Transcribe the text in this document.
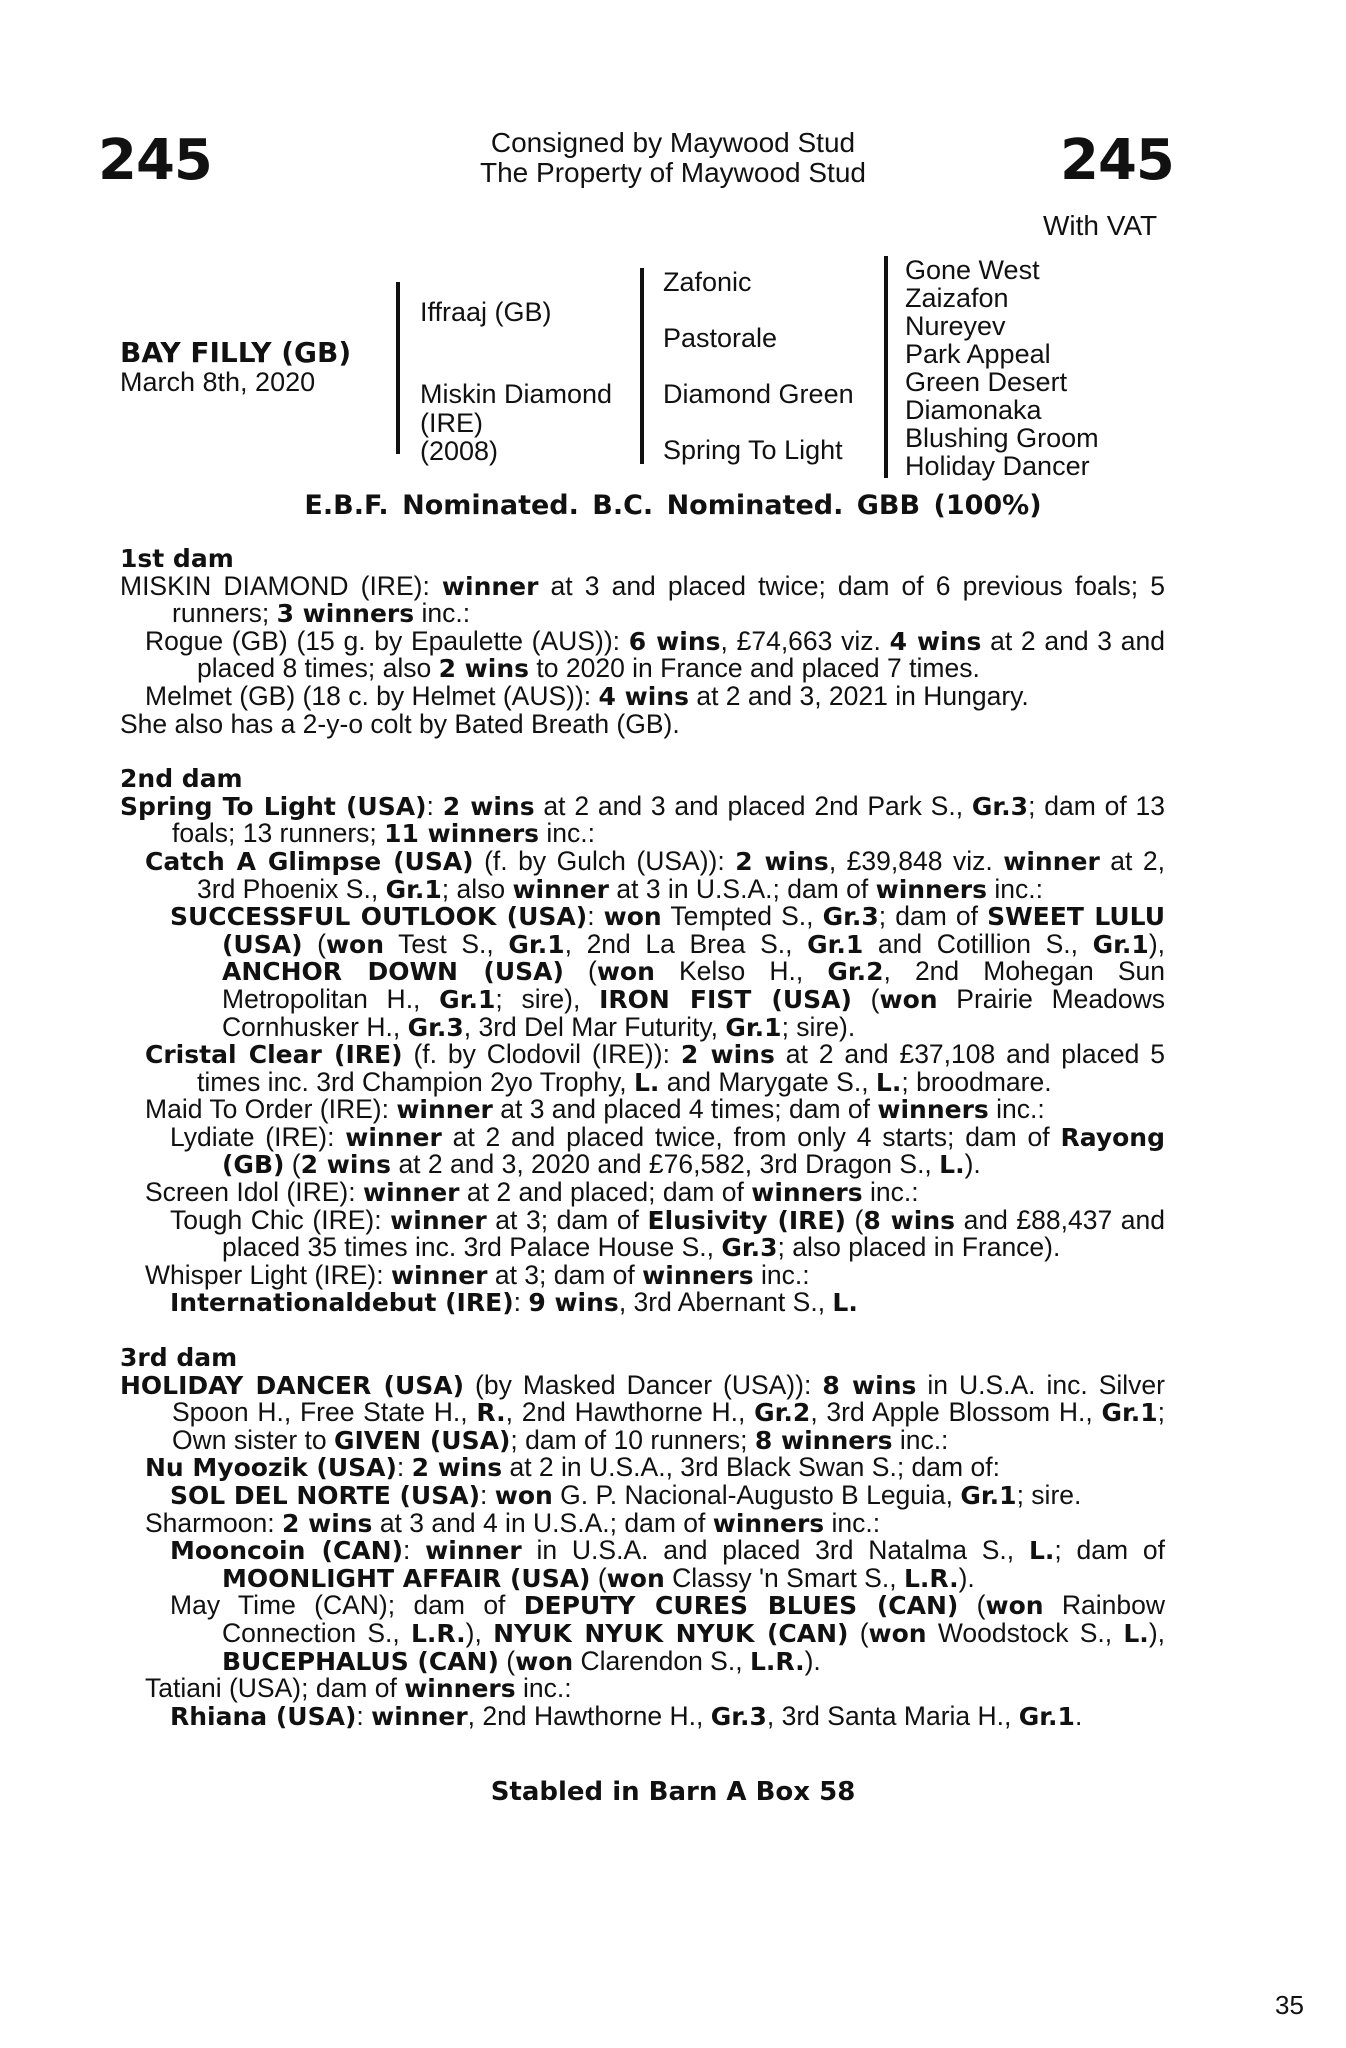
245	245
Consigned by Maywood Stud
The Property of Maywood Stud
With VAT
BAY FILLY (GB)
March 8th, 2020
Iffraaj (GB)
Miskin Diamond
(IRE)
(2008)
Zafonic
Pastorale
Diamond Green
Spring To Light
Gone West
Zaizafon
Nureyev
Park Appeal
Green Desert
Diamonaka
Blushing Groom
Holiday Dancer
E.B.F. Nominated. B.C. Nominated. GBB (100%)

1st dam

MISKIN DIAMOND (IRE): winner at 3 and placed twice; dam of 6 previous foals; 5 runners; 3 winners inc.:

Rogue (GB) (15 g. by Epaulette (AUS)): 6 wins, £74,663 viz. 4 wins at 2 and 3 and placed 8 times; also 2 wins to 2020 in France and placed 7 times.

Melmet (GB) (18 c. by Helmet (AUS)): 4 wins at 2 and 3, 2021 in Hungary.

She also has a 2-y-o colt by Bated Breath (GB).

2nd dam

Spring To Light (USA): 2 wins at 2 and 3 and placed 2nd Park S., Gr.3; dam of 13 foals; 13 runners; 11 winners inc.:

Catch A Glimpse (USA) (f. by Gulch (USA)): 2 wins, £39,848 viz. winner at 2, 3rd Phoenix S., Gr.1; also winner at 3 in U.S.A.; dam of winners inc.:

SUCCESSFUL OUTLOOK (USA): won Tempted S., Gr.3; dam of SWEET LULU (USA) (won Test S., Gr.1, 2nd La Brea S., Gr.1 and Cotillion S., Gr.1), ANCHOR DOWN (USA) (won Kelso H., Gr.2, 2nd Mohegan Sun Metropolitan H., Gr.1; sire), IRON FIST (USA) (won Prairie Meadows Cornhusker H., Gr.3, 3rd Del Mar Futurity, Gr.1; sire).

Cristal Clear (IRE) (f. by Clodovil (IRE)): 2 wins at 2 and £37,108 and placed 5 times inc. 3rd Champion 2yo Trophy, L. and Marygate S., L.; broodmare.

Maid To Order (IRE): winner at 3 and placed 4 times; dam of winners inc.:

Lydiate (IRE): winner at 2 and placed twice, from only 4 starts; dam of Rayong (GB) (2 wins at 2 and 3, 2020 and £76,582, 3rd Dragon S., L.).

Screen Idol (IRE): winner at 2 and placed; dam of winners inc.:

Tough Chic (IRE): winner at 3; dam of Elusivity (IRE) (8 wins and £88,437 and placed 35 times inc. 3rd Palace House S., Gr.3; also placed in France).

Whisper Light (IRE): winner at 3; dam of winners inc.:

Internationaldebut (IRE): 9 wins, 3rd Abernant S., L.

3rd dam

HOLIDAY DANCER (USA) (by Masked Dancer (USA)): 8 wins in U.S.A. inc. Silver Spoon H., Free State H., R., 2nd Hawthorne H., Gr.2, 3rd Apple Blossom H., Gr.1; Own sister to GIVEN (USA); dam of 10 runners; 8 winners inc.:

Nu Myoozik (USA): 2 wins at 2 in U.S.A., 3rd Black Swan S.; dam of:

SOL DEL NORTE (USA): won G. P. Nacional-Augusto B Leguia, Gr.1; sire.

Sharmoon: 2 wins at 3 and 4 in U.S.A.; dam of winners inc.:

Mooncoin (CAN): winner in U.S.A. and placed 3rd Natalma S., L.; dam of MOONLIGHT AFFAIR (USA) (won Classy 'n Smart S., L.R.).

May Time (CAN); dam of DEPUTY CURES BLUES (CAN) (won Rainbow Connection S., L.R.), NYUK NYUK NYUK (CAN) (won Woodstock S., L.), BUCEPHALUS (CAN) (won Clarendon S., L.R.).

Tatiani (USA); dam of winners inc.:

Rhiana (USA): winner, 2nd Hawthorne H., Gr.3, 3rd Santa Maria H., Gr.1.

Stabled in Barn A Box 58
35
